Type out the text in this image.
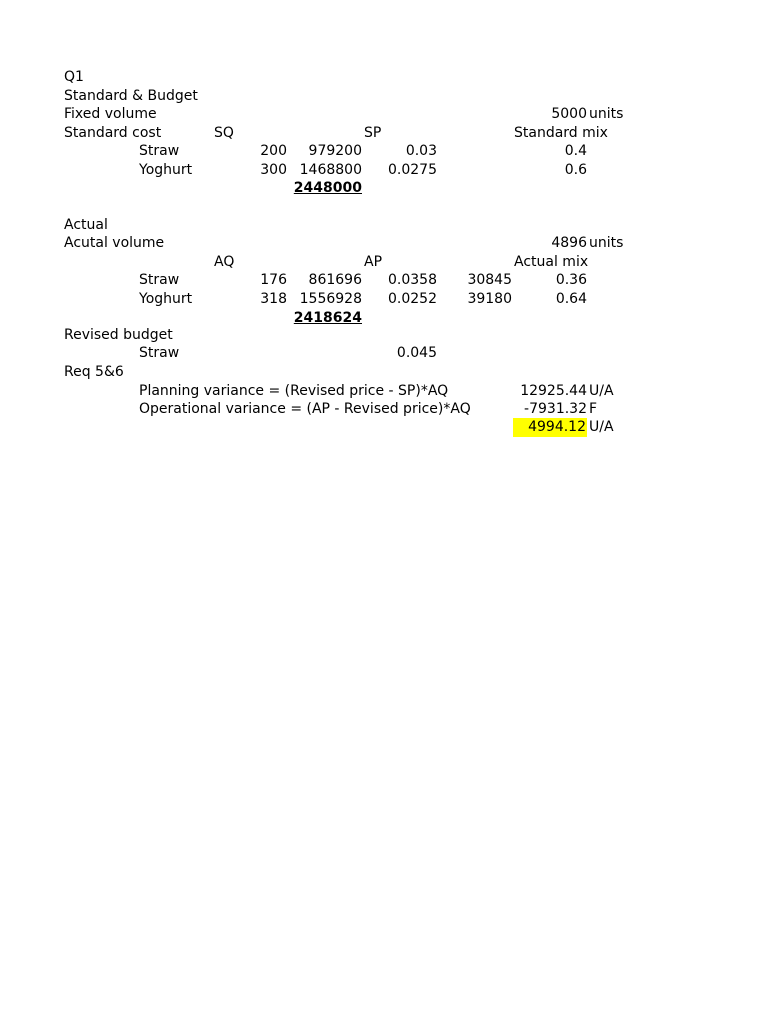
Q1
Standard & Budget
Fixed volume	5000 units
Standard cost	SQ	SP	Standard mix
Straw	200 979200	0.03	0.4
Yoghurt	300 1468800 0.0275	0.6
2448000
Actual
Acutal volume	4896 units
AQ	AP	Actual mix
Straw	176 861696 0.0358 30845	0.36
Yoghurt	318 1556928 0.0252 39180	0.64
2418624
Revised budget
Straw	0.045
Req 5&6
Planning variance = (Revised price - SP)*AQ	12925.44 U/A
Operational variance = (AP - Revised price)*AQ	-7931.32 F
4994.12 U/A
